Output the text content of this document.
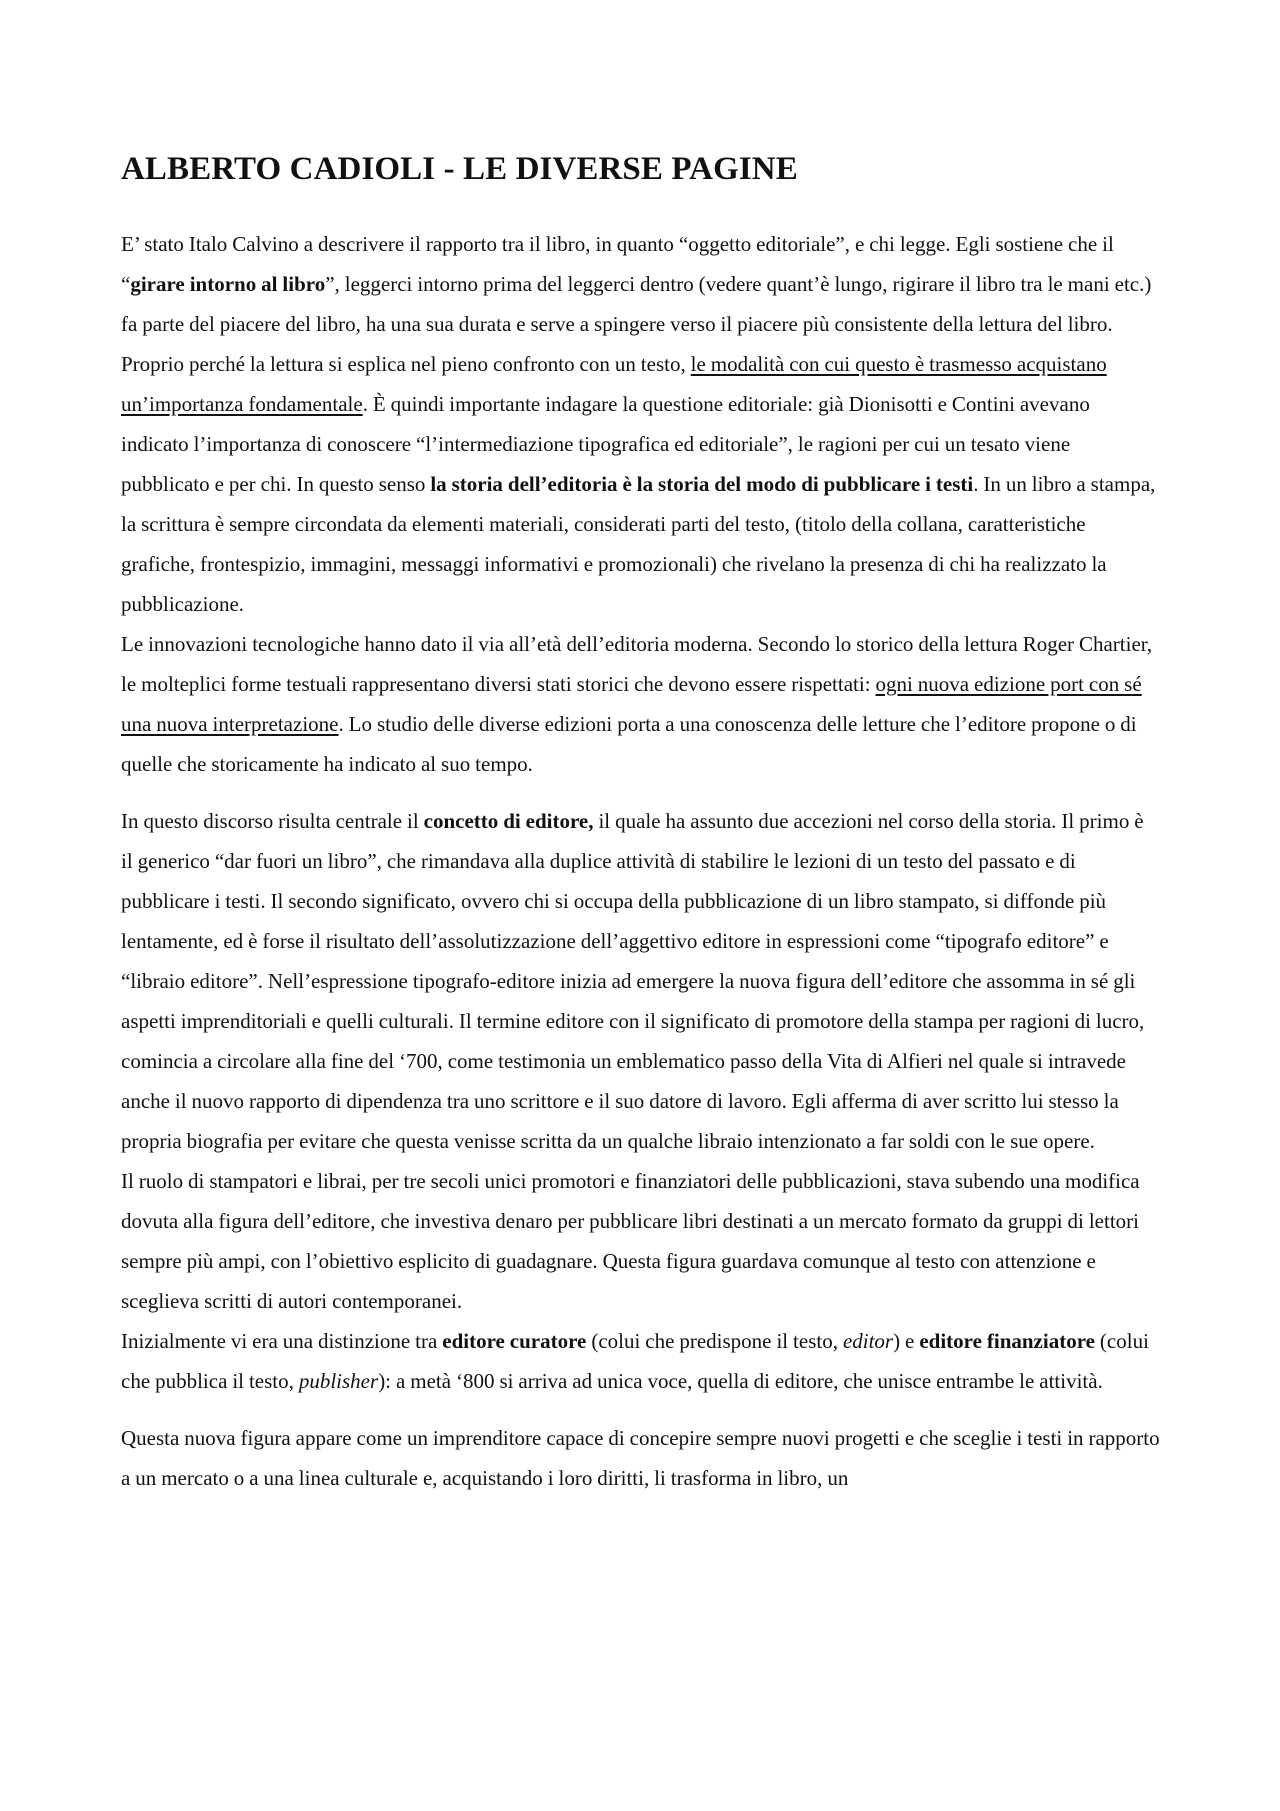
ALBERTO CADIOLI - LE DIVERSE PAGINE

E’ stato Italo Calvino a descrivere il rapporto tra il libro, in quanto “oggetto editoriale”, e chi legge. Egli sostiene che il “girare intorno al libro”, leggerci intorno prima del leggerci dentro (vedere quant’è lungo, rigirare il libro tra le mani etc.) fa parte del piacere del libro, ha una sua durata e serve a spingere verso il piacere più consistente della lettura del libro. Proprio perché la lettura si esplica nel pieno confronto con un testo, le modalità con cui questo è trasmesso acquistano un’importanza fondamentale. È quindi importante indagare la questione editoriale: già Dionisotti e Contini avevano indicato l’importanza di conoscere “l’intermediazione tipografica ed editoriale”, le ragioni per cui un tesato viene pubblicato e per chi. In questo senso la storia dell’editoria è la storia del modo di pubblicare i testi. In un libro a stampa, la scrittura è sempre circondata da elementi materiali, considerati parti del testo, (titolo della collana, caratteristiche grafiche, frontespizio, immagini, messaggi informativi e promozionali) che rivelano la presenza di chi ha realizzato la pubblicazione.

Le innovazioni tecnologiche hanno dato il via all’età dell’editoria moderna. Secondo lo storico della lettura Roger Chartier, le molteplici forme testuali rappresentano diversi stati storici che devono essere rispettati: ogni nuova edizione port con sé una nuova interpretazione. Lo studio delle diverse edizioni porta a una conoscenza delle letture che l’editore propone o di quelle che storicamente ha indicato al suo tempo.

In questo discorso risulta centrale il concetto di editore, il quale ha assunto due accezioni nel corso della storia. Il primo è il generico “dar fuori un libro”, che rimandava alla duplice attività di stabilire le lezioni di un testo del passato e di pubblicare i testi. Il secondo significato, ovvero chi si occupa della pubblicazione di un libro stampato, si diffonde più lentamente, ed è forse il risultato dell’assolutizzazione dell’aggettivo editore in espressioni come “tipografo editore” e “libraio editore”. Nell’espressione tipografo-editore inizia ad emergere la nuova figura dell’editore che assomma in sé gli aspetti imprenditoriali e quelli culturali. Il termine editore con il significato di promotore della stampa per ragioni di lucro, comincia a circolare alla fine del ‘700, come testimonia un emblematico passo della Vita di Alfieri nel quale si intravede anche il nuovo rapporto di dipendenza tra uno scrittore e il suo datore di lavoro. Egli afferma di aver scritto lui stesso la propria biografia per evitare che questa venisse scritta da un qualche libraio intenzionato a far soldi con le sue opere.

Il ruolo di stampatori e librai, per tre secoli unici promotori e finanziatori delle pubblicazioni, stava subendo una modifica dovuta alla figura dell’editore, che investiva denaro per pubblicare libri destinati a un mercato formato da gruppi di lettori sempre più ampi, con l’obiettivo esplicito di guadagnare. Questa figura guardava comunque al testo con attenzione e sceglieva scritti di autori contemporanei.

Inizialmente vi era una distinzione tra editore curatore (colui che predispone il testo, editor) e editore finanziatore (colui che pubblica il testo, publisher): a metà ‘800 si arriva ad unica voce, quella di editore, che unisce entrambe le attività.

Questa nuova figura appare come un imprenditore capace di concepire sempre nuovi progetti e che sceglie i testi in rapporto a un mercato o a una linea culturale e, acquistando i loro diritti, li trasforma in libro, un
